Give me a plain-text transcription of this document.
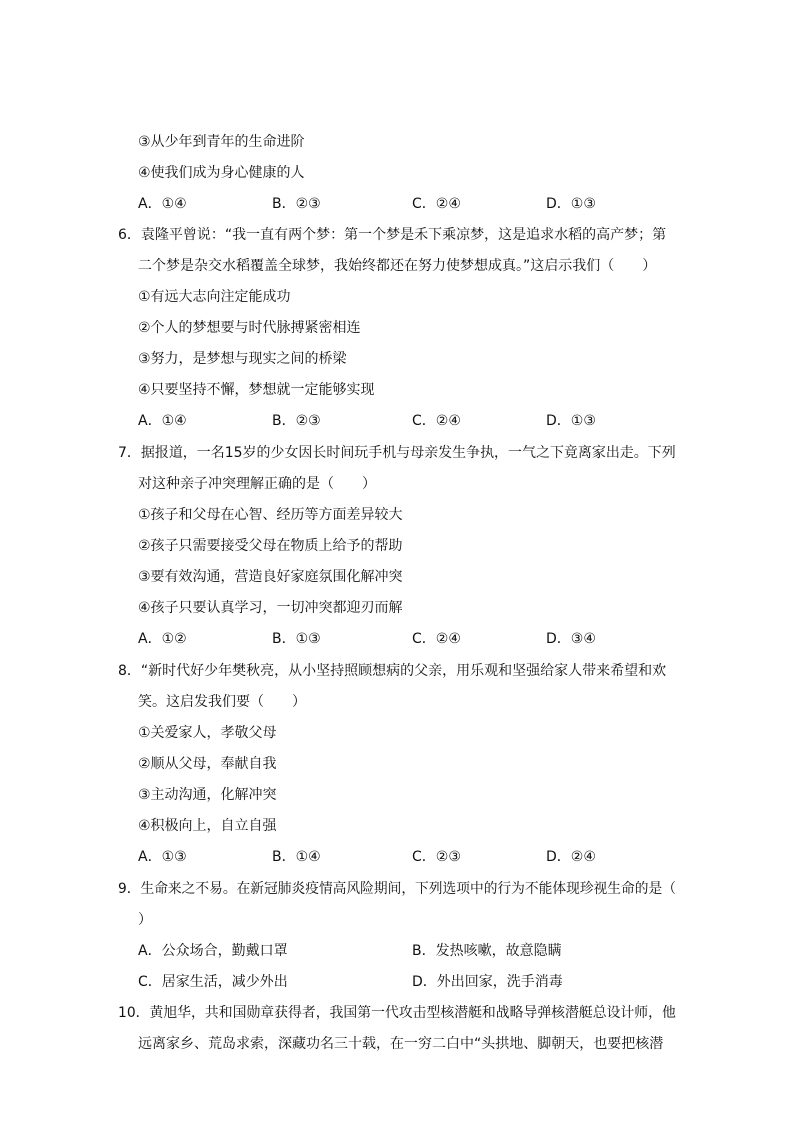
③从少年到青年的生命进阶
④使我们成为身心健康的人
A．①④	B．②③	C．②④	D．①③
6．袁隆平曾说：“我一直有两个梦：第一个梦是禾下乘凉梦，这是追求水稻的高产梦；第
二个梦是杂交水稻覆盖全球梦，我始终都还在努力使梦想成真。”这启示我们（　　）
①有远大志向注定能成功
②个人的梦想要与时代脉搏紧密相连
③努力，是梦想与现实之间的桥梁
④只要坚持不懈，梦想就一定能够实现
A．①④	B．②③	C．②④	D．①③
7．据报道，一名15岁的少女因长时间玩手机与母亲发生争执，一气之下竟离家出走。下列
对这种亲子冲突理解正确的是（　　）
①孩子和父母在心智、经历等方面差异较大
②孩子只需要接受父母在物质上给予的帮助
③要有效沟通，营造良好家庭氛围化解冲突
④孩子只要认真学习，一切冲突都迎刃而解
A．①②	B．①③	C．②④	D．③④
8．“新时代好少年樊秋亮，从小坚持照顾想病的父亲，用乐观和坚强给家人带来希望和欢
笑。这启发我们要（　　）
①关爱家人，孝敬父母
②顺从父母，奉献自我
③主动沟通，化解冲突
④积极向上，自立自强
A．①③	B．①④	C．②③	D．②④
9．生命来之不易。在新冠肺炎疫情高风险期间，下列选项中的行为不能体现珍视生命的是（
）
A．公众场合，勤戴口罩	B．发热咳嗽，故意隐瞒
C．居家生活，减少外出	D．外出回家，洗手消毒
10．黄旭华，共和国勋章获得者，我国第一代攻击型核潜艇和战略导弹核潜艇总设计师，他
远离家乡、荒岛求索，深藏功名三十载，在一穷二白中“头拱地、脚朝天，也要把核潜
